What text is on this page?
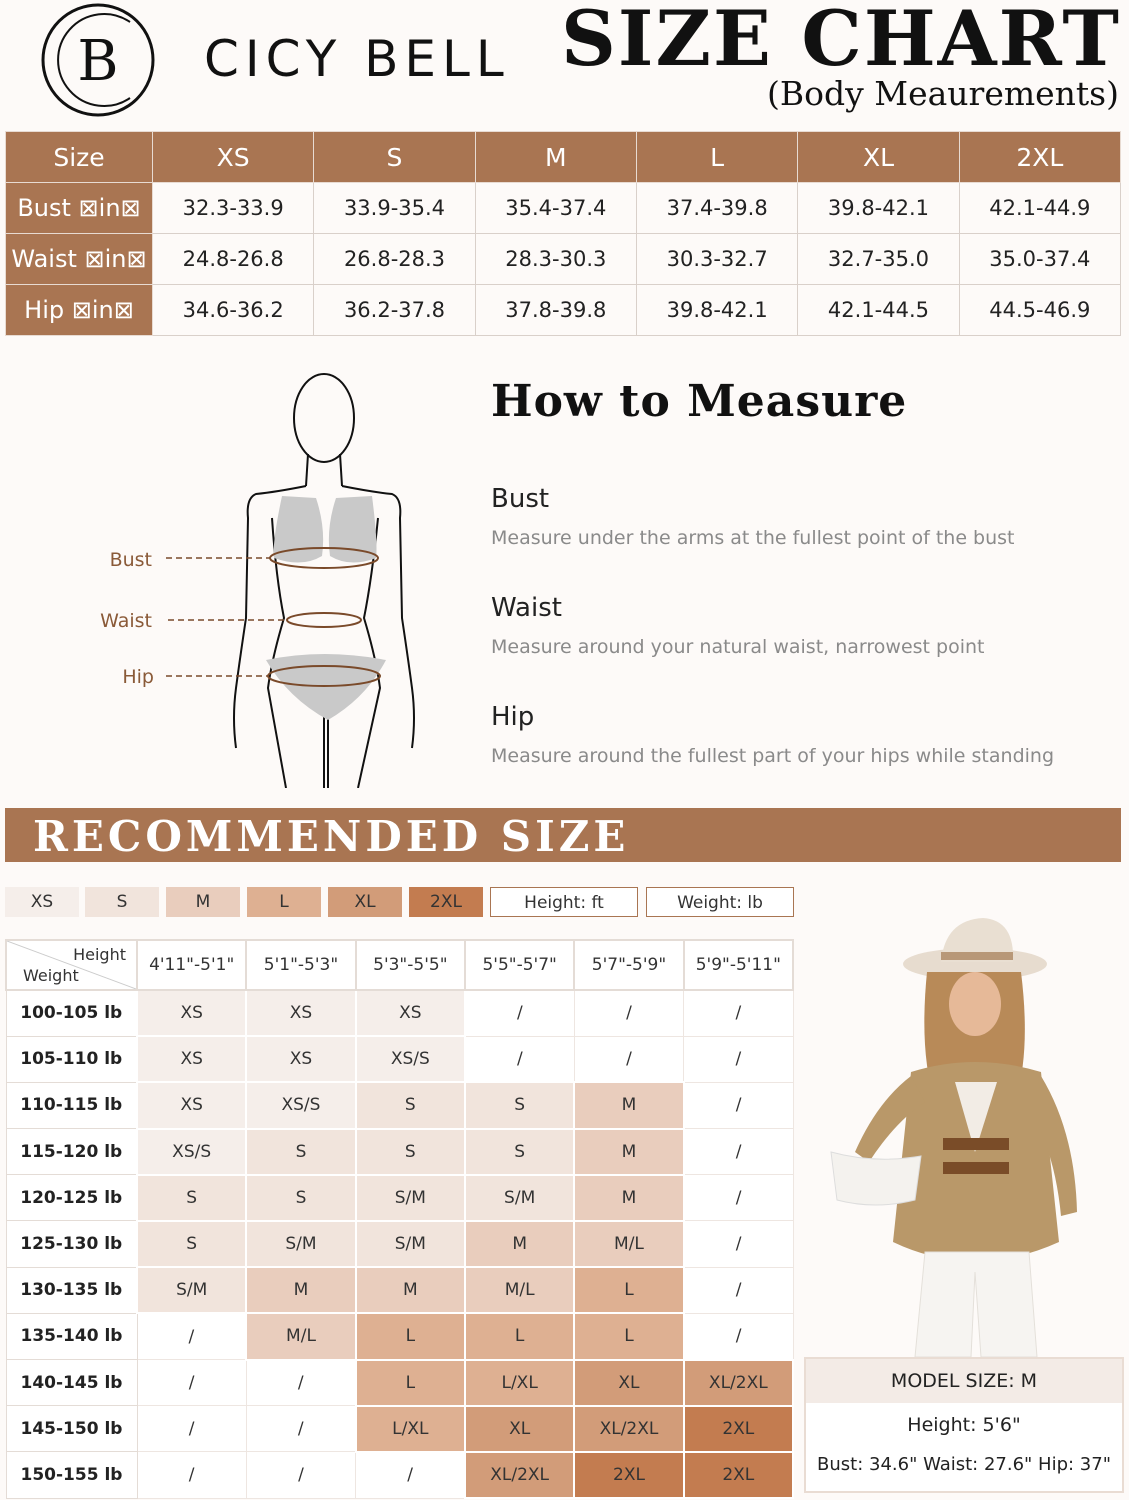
B CICY BELL SIZE CHART
(Body Meaurements)
Size	XS	S	M	L	XL	2XL
Bust ⊠in⊠	32.3-33.9	33.9-35.4	35.4-37.4	37.4-39.8	39.8-42.1	42.1-44.9
Waist ⊠in⊠	24.8-26.8	26.8-28.3	28.3-30.3	30.3-32.7	32.7-35.0	35.0-37.4
Hip ⊠in⊠	34.6-36.2	36.2-37.8	37.8-39.8	39.8-42.1	42.1-44.5	44.5-46.9
Bust
Waist
Hip
How to Measure
Bust
Measure under the arms at the fullest point of the bust
Waist
Measure around your natural waist, narrowest point
Hip
Measure around the fullest part of your hips while standing
RECOMMENDED SIZE
XS	S	M	L	XL	2XL	Height: ft	Weight: lb
Height
Weight	4'11"-5'1"	5'1"-5'3"	5'3"-5'5"	5'5"-5'7"	5'7"-5'9"	5'9"-5'11"
100-105 lb	XS	XS	XS	/	/	/
105-110 lb	XS	XS	XS/S	/	/	/
110-115 lb	XS	XS/S	S	S	M	/
115-120 lb	XS/S	S	S	S	M	/
120-125 lb	S	S	S/M	S/M	M	/
125-130 lb	S	S/M	S/M	M	M/L	/
130-135 lb	S/M	M	M	M/L	L	/
135-140 lb	/	M/L	L	L	L	/
140-145 lb	/	/	L	L/XL	XL	XL/2XL
145-150 lb	/	/	L/XL	XL	XL/2XL	2XL
150-155 lb	/	/	/	XL/2XL	2XL	2XL
MODEL SIZE: M
Height: 5'6"
Bust: 34.6" Waist: 27.6" Hip: 37"
